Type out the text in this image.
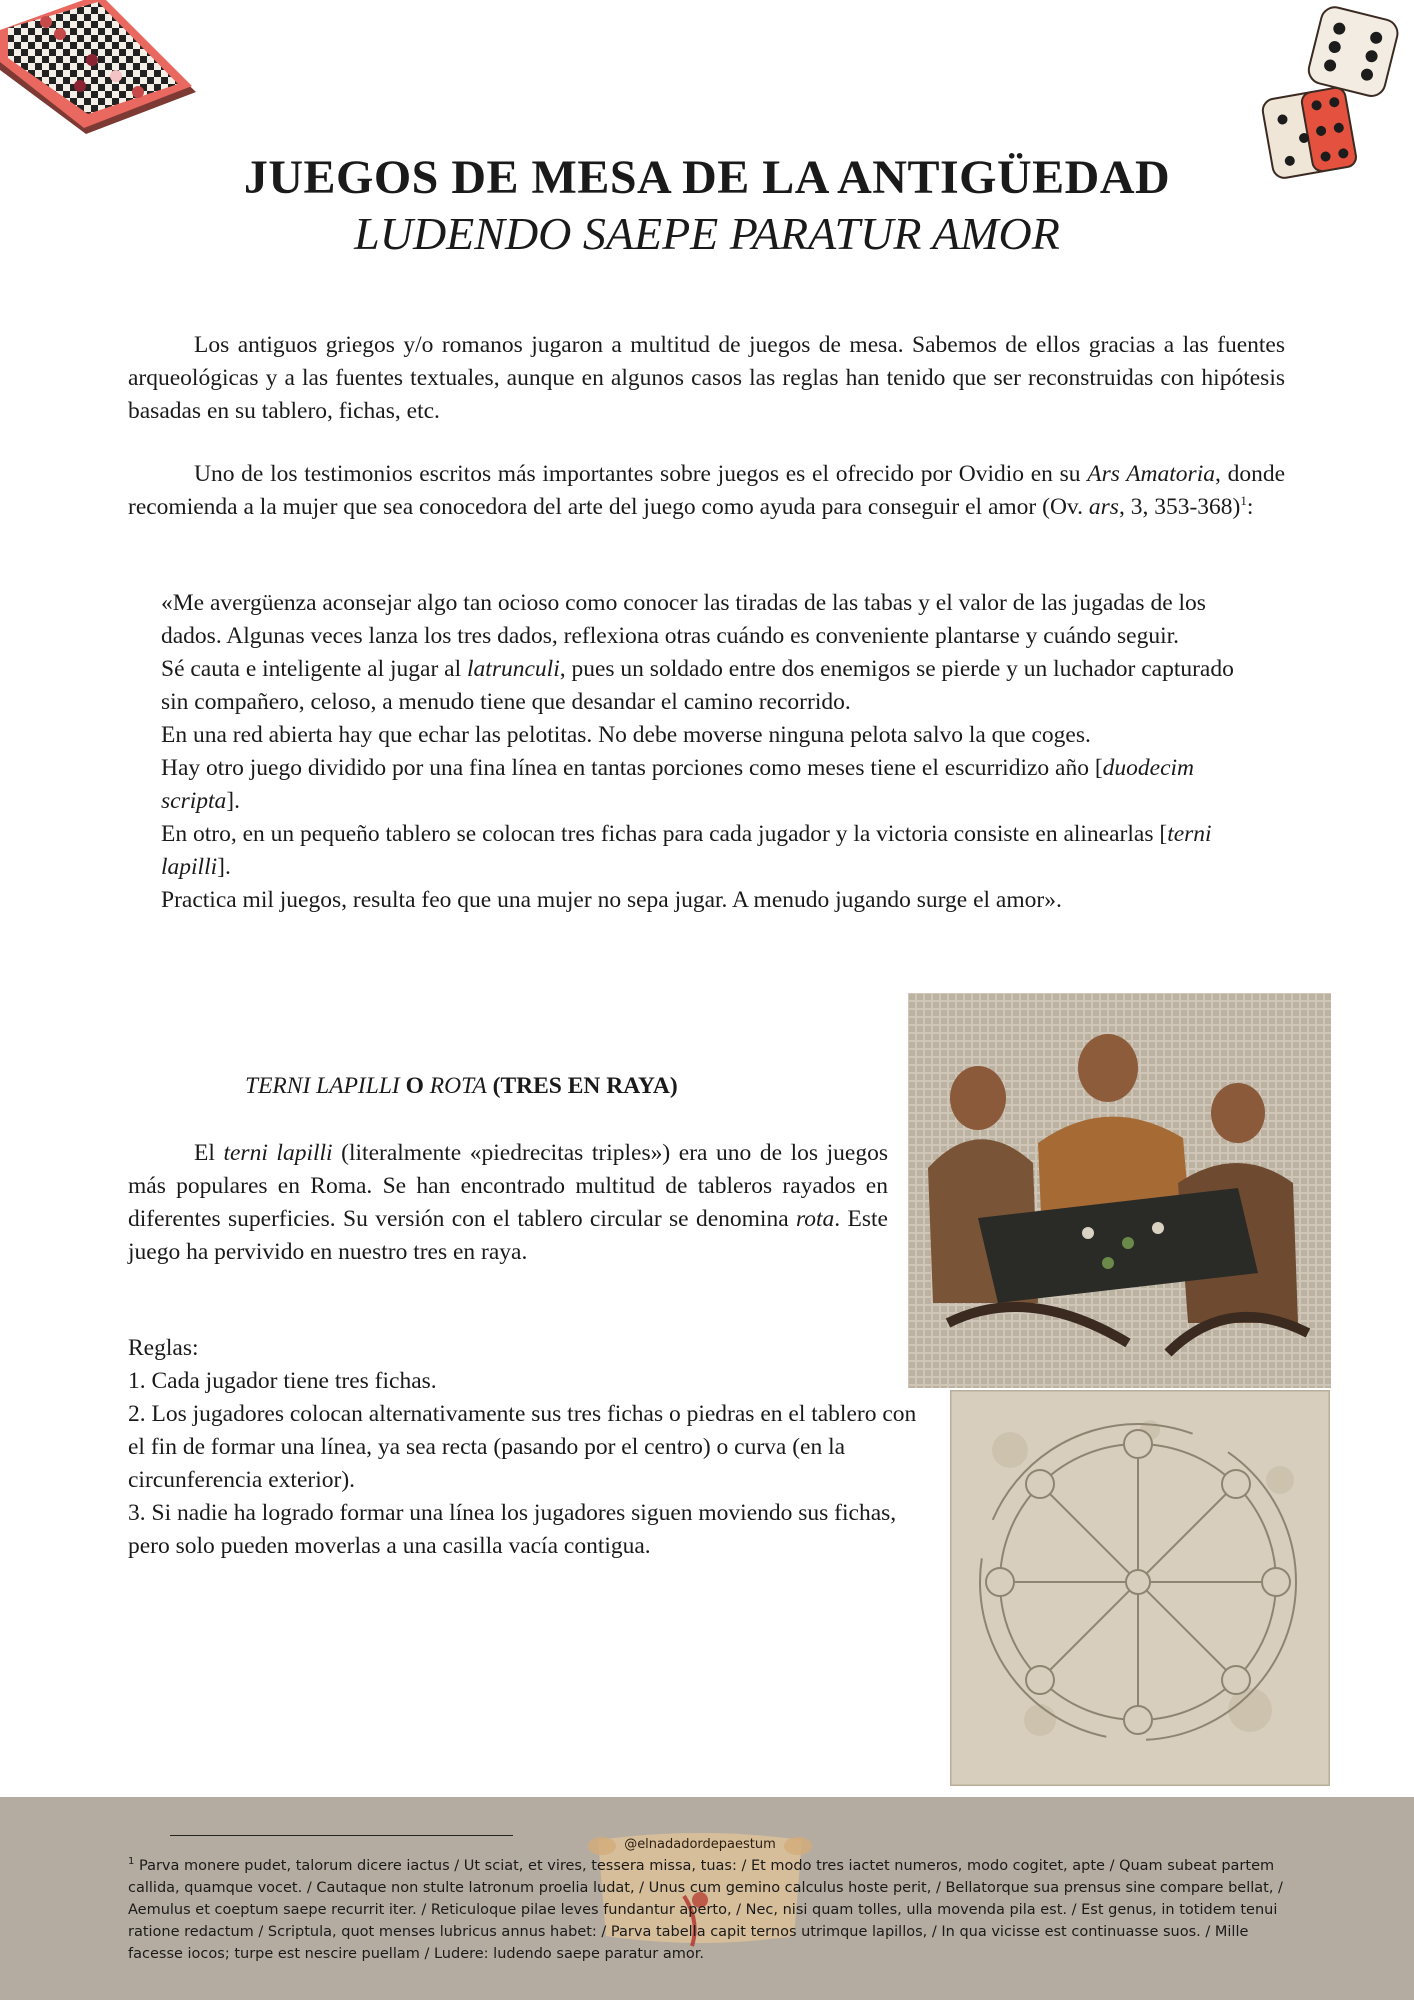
JUEGOS DE MESA DE LA ANTIGÜEDAD
LUDENDO SAEPE PARATUR AMOR
Los antiguos griegos y/o romanos jugaron a multitud de juegos de mesa. Sabemos de ellos gracias a las fuentes arqueológicas y a las fuentes textuales, aunque en algunos casos las reglas han tenido que ser reconstruidas con hipótesis basadas en su tablero, fichas, etc.
Uno de los testimonios escritos más importantes sobre juegos es el ofrecido por Ovidio en su Ars Amatoria, donde recomienda a la mujer que sea conocedora del arte del juego como ayuda para conseguir el amor (Ov. ars, 3, 353-368)$^1$:

«Me avergüenza aconsejar algo tan ocioso como conocer las tiradas de las tabas y el valor de las jugadas de los dados. Algunas veces lanza los tres dados, reflexiona otras cuándo es conveniente plantarse y cuándo seguir.

Sé cauta e inteligente al jugar al latrunculi, pues un soldado entre dos enemigos se pierde y un luchador capturado sin compañero, celoso, a menudo tiene que desandar el camino recorrido.

En una red abierta hay que echar las pelotitas. No debe moverse ninguna pelota salvo la que coges.

Hay otro juego dividido por una fina línea en tantas porciones como meses tiene el escurridizo año [duodecim scripta].

En otro, en un pequeño tablero se colocan tres fichas para cada jugador y la victoria consiste en alinearlas [terni lapilli].

Practica mil juegos, resulta feo que una mujer no sepa jugar. A menudo jugando surge el amor».

TERNI LAPILLI O ROTA (TRES EN RAYA)
El terni lapilli (literalmente «piedrecitas triples») era uno de los juegos más populares en Roma. Se han encontrado multitud de tableros rayados en diferentes superficies. Su versión con el tablero circular se denomina rota. Este juego ha pervivido en nuestro tres en raya.

Reglas:

1. Cada jugador tiene tres fichas.

2. Los jugadores colocan alternativamente sus tres fichas o piedras en el tablero con el fin de formar una línea, ya sea recta (pasando por el centro) o curva (en la circunferencia exterior).

3. Si nadie ha logrado formar una línea los jugadores siguen moviendo sus fichas, pero solo pueden moverlas a una casilla vacía contigua.

@elnadadordepaestum
$^1$ Parva monere pudet, talorum dicere iactus / Ut sciat, et vires, tessera missa, tuas: / Et modo tres iactet numeros, modo cogitet, apte / Quam subeat partem callida, quamque vocet. / Cautaque non stulte latronum proelia ludat, / Unus cum gemino calculus hoste perit, / Bellatorque sua prensus sine compare bellat, / Aemulus et coeptum saepe recurrit iter. / Reticuloque pilae leves fundantur aperto, / Nec, nisi quam tolles, ulla movenda pila est. / Est genus, in totidem tenui ratione redactum / Scriptula, quot menses lubricus annus habet: / Parva tabella capit ternos utrimque lapillos, / In qua vicisse est continuasse suos. / Mille facesse iocos; turpe est nescire puellam / Ludere: ludendo saepe paratur amor.
